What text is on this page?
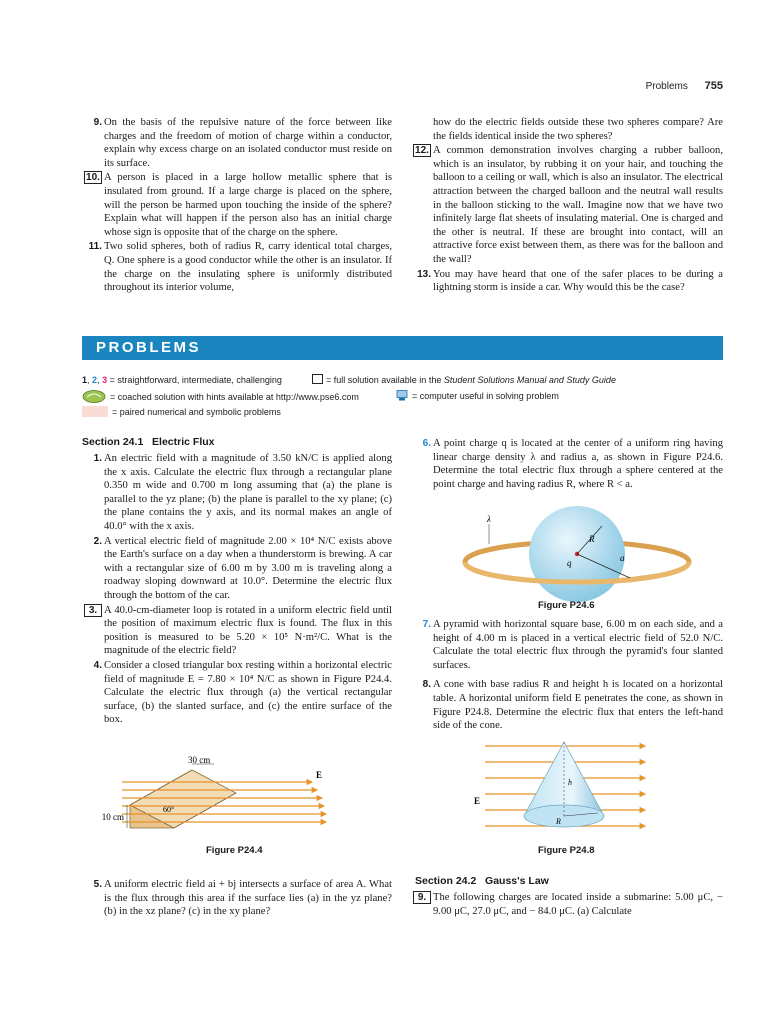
Problems 755
9. On the basis of the repulsive nature of the force between like charges and the freedom of motion of charge within a conductor, explain why excess charge on an isolated conductor must reside on its surface.
10. A person is placed in a large hollow metallic sphere that is insulated from ground. If a large charge is placed on the sphere, will the person be harmed upon touching the inside of the sphere? Explain what will happen if the person also has an initial charge whose sign is opposite that of the charge on the sphere.
11. Two solid spheres, both of radius R, carry identical total charges, Q. One sphere is a good conductor while the other is an insulator. If the charge on the insulating sphere is uniformly distributed throughout its interior volume,
how do the electric fields outside these two spheres compare? Are the fields identical inside the two spheres?
12. A common demonstration involves charging a rubber balloon, which is an insulator, by rubbing it on your hair, and touching the balloon to a ceiling or wall, which is also an insulator. The electrical attraction between the charged balloon and the neutral wall results in the balloon sticking to the wall. Imagine now that we have two infinitely large flat sheets of insulating material. One is charged and the other is neutral. If these are brought into contact, will an attractive force exist between them, as there was for the balloon and the wall?
13. You may have heard that one of the safer places to be during a lightning storm is inside a car. Why would this be the case?
PROBLEMS
1, 2, 3 = straightforward, intermediate, challenging	= full solution available in the Student Solutions Manual and Study Guide
= coached solution with hints available at http://www.pse6.com	= computer useful in solving problem
= paired numerical and symbolic problems
Section 24.1 Electric Flux
1. An electric field with a magnitude of 3.50 kN/C is applied along the x axis. Calculate the electric flux through a rectangular plane 0.350 m wide and 0.700 m long assuming that (a) the plane is parallel to the yz plane; (b) the plane is parallel to the xy plane; (c) the plane contains the y axis, and its normal makes an angle of 40.0° with the x axis.
2. A vertical electric field of magnitude 2.00 × 10⁴ N/C exists above the Earth's surface on a day when a thunderstorm is brewing. A car with a rectangular size of 6.00 m by 3.00 m is traveling along a roadway sloping downward at 10.0°. Determine the electric flux through the bottom of the car.
3. A 40.0-cm-diameter loop is rotated in a uniform electric field until the position of maximum electric flux is found. The flux in this position is measured to be 5.20 × 10⁵ N·m²/C. What is the magnitude of the electric field?
4. Consider a closed triangular box resting within a horizontal electric field of magnitude E = 7.80 × 10⁴ N/C as shown in Figure P24.4. Calculate the electric flux through (a) the vertical rectangular surface, (b) the slanted surface, and (c) the entire surface of the box.
30 cm
E
60°
10 cm
Figure P24.4
5. A uniform electric field ai + bj intersects a surface of area A. What is the flux through this area if the surface lies (a) in the yz plane? (b) in the xz plane? (c) in the xy plane?
6. A point charge q is located at the center of a uniform ring having linear charge density λ and radius a, as shown in Figure P24.6. Determine the total electric flux through a sphere centered at the point charge and having radius R, where R < a.
λ
R
q	a
Figure P24.6
7. A pyramid with horizontal square base, 6.00 m on each side, and a height of 4.00 m is placed in a vertical electric field of 52.0 N/C. Calculate the total electric flux through the pyramid's four slanted surfaces.
8. A cone with base radius R and height h is located on a horizontal table. A horizontal uniform field E penetrates the cone, as shown in Figure P24.8. Determine the electric flux that enters the left-hand side of the cone.
h
R
E
Figure P24.8
Section 24.2 Gauss's Law
9. The following charges are located inside a submarine: 5.00 μC, − 9.00 μC, 27.0 μC, and − 84.0 μC. (a) Calculate
